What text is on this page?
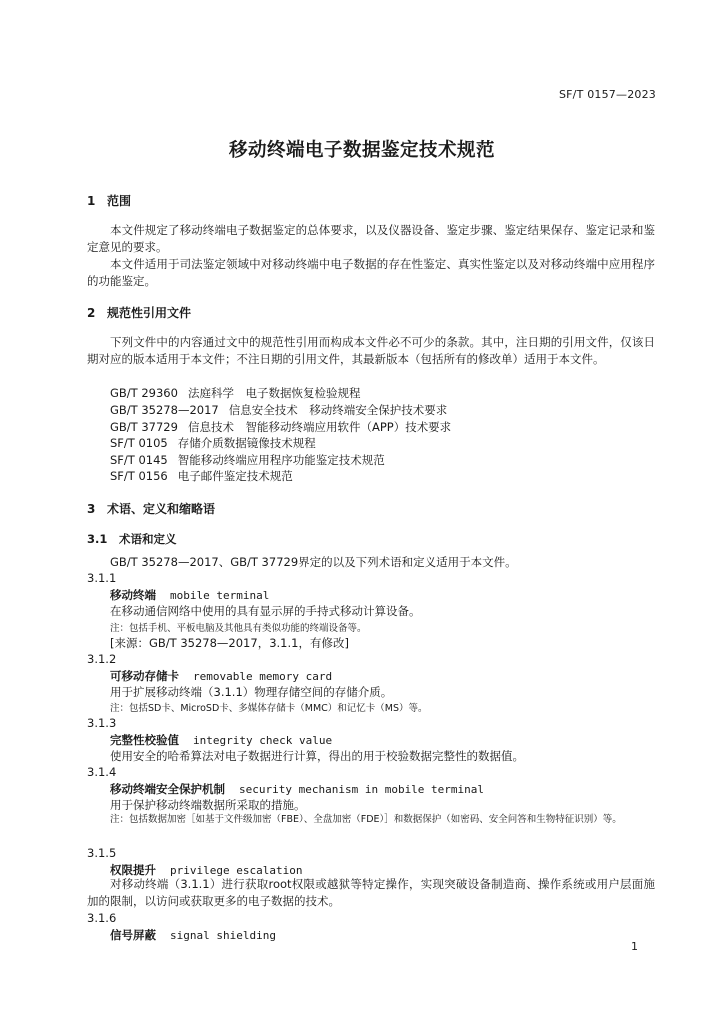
SF/T 0157—2023
移动终端电子数据鉴定技术规范
1 范围

本文件规定了移动终端电子数据鉴定的总体要求，以及仪器设备、鉴定步骤、鉴定结果保存、鉴定记录和鉴定意见的要求。

本文件适用于司法鉴定领域中对移动终端中电子数据的存在性鉴定、真实性鉴定以及对移动终端中应用程序的功能鉴定。

2 规范性引用文件

下列文件中的内容通过文中的规范性引用而构成本文件必不可少的条款。其中，注日期的引用文件，仅该日期对应的版本适用于本文件；不注日期的引用文件，其最新版本（包括所有的修改单）适用于本文件。

GB/T 29360 法庭科学　电子数据恢复检验规程
GB/T 35278—2017 信息安全技术　移动终端安全保护技术要求
GB/T 37729 信息技术　智能移动终端应用软件（APP）技术要求
SF/T 0105 存储介质数据镜像技术规程
SF/T 0145 智能移动终端应用程序功能鉴定技术规范
SF/T 0156 电子邮件鉴定技术规范
3 术语、定义和缩略语
3.1 术语和定义
GB/T 35278—2017、GB/T 37729界定的以及下列术语和定义适用于本文件。
3.1.1
移动终端 mobile terminal
在移动通信网络中使用的具有显示屏的手持式移动计算设备。
注：包括手机、平板电脑及其他具有类似功能的终端设备等。
[来源：GB/T 35278—2017，3.1.1，有修改]
3.1.2
可移动存储卡 removable memory card
用于扩展移动终端（3.1.1）物理存储空间的存储介质。
注：包括SD卡、MicroSD卡、多媒体存储卡（MMC）和记忆卡（MS）等。
3.1.3
完整性校验值 integrity check value
使用安全的哈希算法对电子数据进行计算，得出的用于校验数据完整性的数据值。
3.1.4
移动终端安全保护机制 security mechanism in mobile terminal
用于保护移动终端数据所采取的措施。
注：包括数据加密［如基于文件级加密（FBE）、全盘加密（FDE）］和数据保护（如密码、安全问答和生物特征识别）等。
3.1.5
权限提升 privilege escalation

对移动终端（3.1.1）进行获取root权限或越狱等特定操作，实现突破设备制造商、操作系统或用户层面施加的限制，以访问或获取更多的电子数据的技术。

3.1.6
信号屏蔽 signal shielding
1
